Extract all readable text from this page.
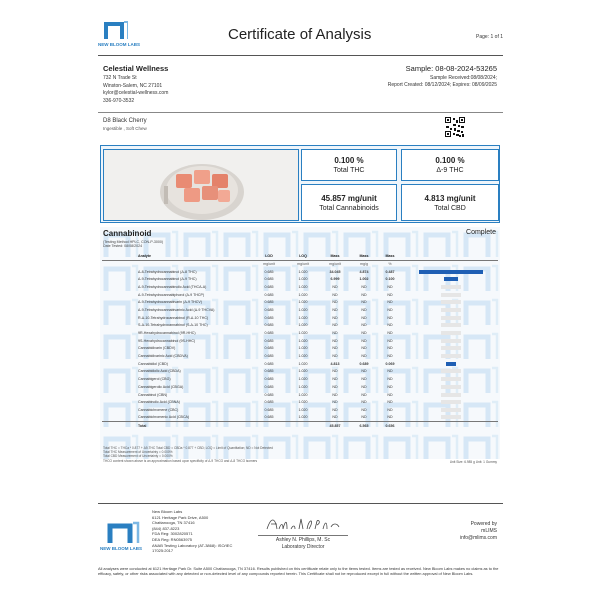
NEW BLOOM LABS
Certificate of Analysis	Page: 1 of 1
Celestial Wellness
732 N Trade St
Winston-Salem, NC 27101
kylor@celestial-wellness.com
336-970-3532
Sample: 08-08-2024-53265
Sample Received:08/08/2024;
Report Created: 08/12/2024; Expires: 08/09/2025
D8 Black Cherry
Ingestible , Soft Chew
0.100 %
Total THC
0.100 %
Δ-9 THC
45.857 mg/unit
Total Cannabinoids
4.813 mg/unit
Total CBD
Cannabinoid	Complete
(Testing Method HPLC, CON-P-3000)
Date Tested: 08/08/2024
Analyte	LOD	LOQ	Mass	Mass	Mass	
	mg/unit	mg/unit	mg/unit	mg/g	%	
Δ-8-Tetrahydrocannabinol (Δ-8 THC)	0.685	1.020	34.045	4.874	0.487	
Δ-9-Tetrahydrocannabinol (Δ-9 THC)	0.685	1.020	6.999	1.002	0.100	
Δ-9-Tetrahydrocannabinolic Acid (THCA-A)	0.685	1.020	ND	ND	ND	
Δ-9-Tetrahydrocannabiphorol (Δ-9 THCP)	0.685	1.020	ND	ND	ND	
Δ-9-Tetrahydrocannabivarin (Δ-9 THCV)	0.685	1.020	ND	ND	ND	
Δ-9-Tetrahydrocannabivarinic Acid (Δ-9 THCVA)	0.685	1.020	ND	ND	ND	
R-Δ-10-Tetrahydrocannabinol (R-Δ-10 THC)	0.685	1.020	ND	ND	ND	
S-Δ-10-Tetrahydrocannabinol (S-Δ-10 THC)	0.685	1.020	ND	ND	ND	
9R-Hexahydrocannabinol (9R-HHC)	0.685	1.020	ND	ND	ND	
9S-Hexahydrocannabinol (9S-HHC)	0.685	1.020	ND	ND	ND	
Cannabidivarin (CBDV)	0.685	1.020	ND	ND	ND	
Cannabidivarinic Acid (CBDVA)	0.685	1.020	ND	ND	ND	
Cannabidiol (CBD)	0.685	1.020	4.813	0.689	0.069	
Cannabidiolic Acid (CBDA)	0.685	1.020	ND	ND	ND	
Cannabigerol (CBG)	0.685	1.020	ND	ND	ND	
Cannabigerolic Acid (CBGA)	0.685	1.020	ND	ND	ND	
Cannabinol (CBN)	0.685	1.020	ND	ND	ND	
Cannabinolic Acid (CBNA)	0.685	1.020	ND	ND	ND	
Cannabichromene (CBC)	0.685	1.020	ND	ND	ND	
Cannabichromenic Acid (CBCA)	0.685	1.020	ND	ND	ND	
Total			45.857	6.565	0.656	
Total THC = THCa * 0.877 + Δ9-THC Total CBD = CBDa * 0.877 + CBD; LOQ = Limit of Quantitation; ND = Not Detected
Total THC Measurement of Uncertainty = 0.000%
Total CBD Measurement of Uncertainty = 0.000%
THCO content shown above is an approximation based upon specificity of Δ-9 THCO and Δ-8 THCO isomers	Unit Size: 6.985 g Unit: 1 Gummy
NEW BLOOM LABS
New Bloom Labs
6121 Heritage Park Drive, A500
Chattanooga, TN 37416
(844) 837-8223
FDA Reg: 3002820571
DEA Reg: RN0563975
ANAB Testing Laboratory (AT-3868): ISO/IEC
17025:2017
Ashley N. Phillips, M. Sc
Laboratory Director
Powered by
mLIMS
info@mlims.com
All analyses were conducted at 6121 Heritage Park Dr. Suite A500 Chattanooga, TN 37416. Results published on this certificate relate only to the items tested. Items are tested as received. New Bloom Labs makes no claims as to the efficacy, safety, or other risks associated with any detected or non-detected level of any compounds reported herein. This Certificate shall not be reproduced except in full without the written approval of New Bloom Labs.
